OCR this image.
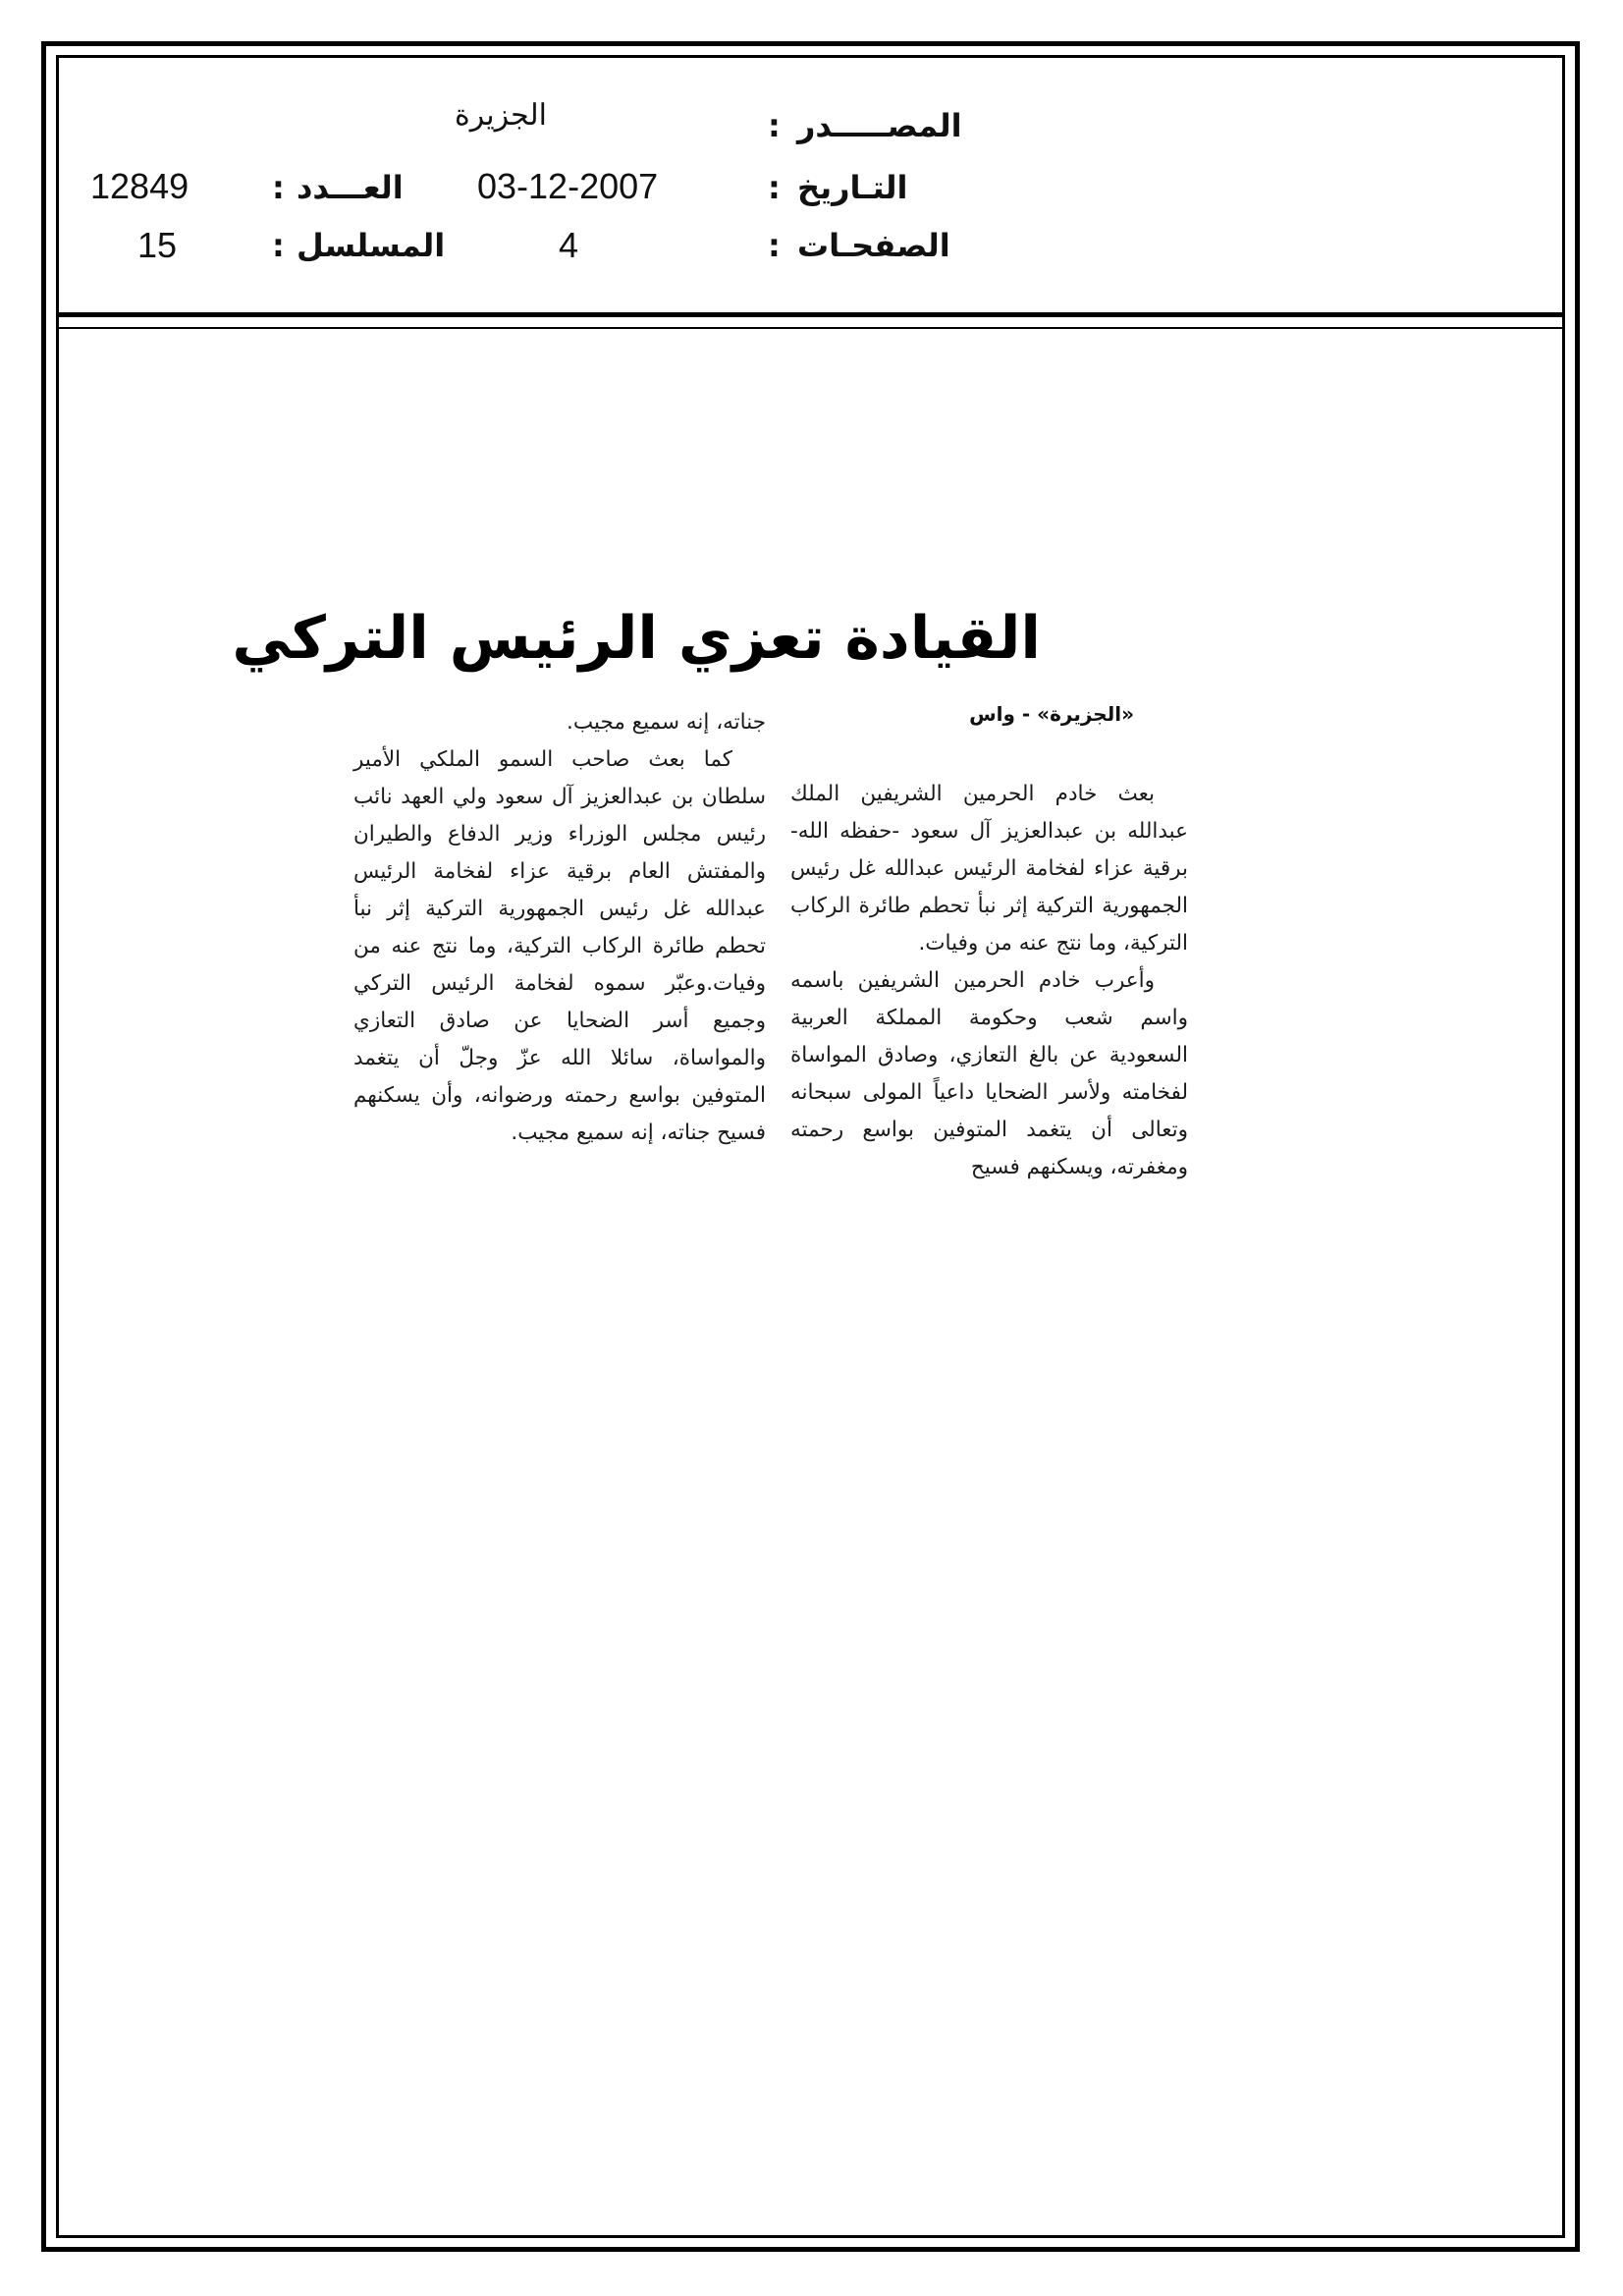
المصـــــدر
:
الجزيرة
التـاريخ
:
03-12-2007
العـــدد
:
12849
الصفحـات
:
4
المسلسل
:
15
القيادة تعزي الرئيس التركي
«الجزيرة» - واس

بعث خادم الحرمين الشريفين الملك عبدالله بن عبدالعزيز آل سعود -حفظه الله- برقية عزاء لفخامة الرئيس عبدالله غل رئيس الجمهورية التركية إثر نبأ تحطم طائرة الركاب التركية، وما نتج عنه من وفيات.

وأعرب خادم الحرمين الشريفين باسمه واسم شعب وحكومة المملكة العربية السعودية عن بالغ التعازي، وصادق المواساة لفخامته ولأسر الضحايا داعياً المولى سبحانه وتعالى أن يتغمد المتوفين بواسع رحمته ومغفرته، ويسكنهم فسيح

جناته، إنه سميع مجيب.

كما بعث صاحب السمو الملكي الأمير سلطان بن عبدالعزيز آل سعود ولي العهد نائب رئيس مجلس الوزراء وزير الدفاع والطيران والمفتش العام برقية عزاء لفخامة الرئيس عبدالله غل رئيس الجمهورية التركية إثر نبأ تحطم طائرة الركاب التركية، وما نتج عنه من وفيات.وعبّر سموه لفخامة الرئيس التركي وجميع أسر الضحايا عن صادق التعازي والمواساة، سائلا الله عزّ وجلّ أن يتغمد المتوفين بواسع رحمته ورضوانه، وأن يسكنهم فسيح جناته، إنه سميع مجيب.
